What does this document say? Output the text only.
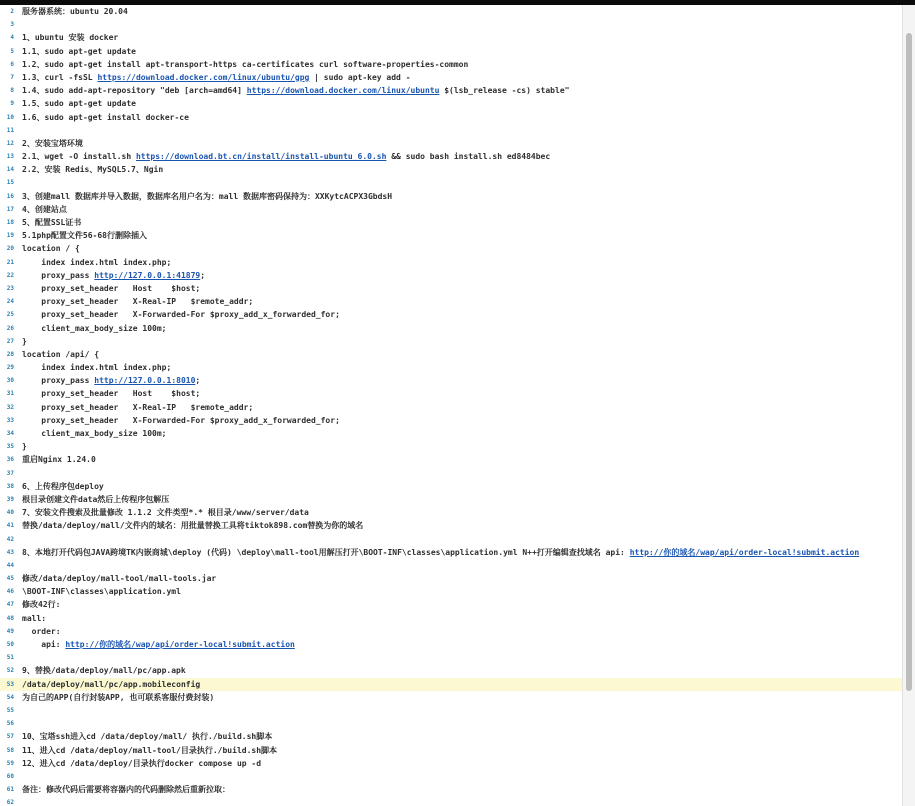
2 服务器系统：ubuntu 20.04
3
4 1、ubuntu 安装 docker
5 1.1、sudo apt-get update
6 1.2、sudo apt-get install apt-transport-https ca-certificates curl software-properties-common
7 1.3、curl -fsSL https://download.docker.com/linux/ubuntu/gpg | sudo apt-key add -
8 1.4、sudo add-apt-repository "deb [arch=amd64] https://download.docker.com/linux/ubuntu $(lsb_release -cs) stable"
9 1.5、sudo apt-get update
10 1.6、sudo apt-get install docker-ce
11
12 2、安装宝塔环境
13 2.1、wget -O install.sh https://download.bt.cn/install/install-ubuntu_6.0.sh && sudo bash install.sh ed8484bec
14 2.2、安装 Redis、MySQL5.7、Ngin
15
16 3、创建mall 数据库并导入数据，数据库名用户名为：mall 数据库密码保持为：XXKytcACPX3GbdsH
17 4、创建站点
18 5、配置SSL证书
19 5.1php配置文件56-68行删除插入
20 location / {
21 index index.html index.php;
22 proxy_pass http://127.0.0.1:41879;
23 proxy_set_header   Host    $host;
24 proxy_set_header   X-Real-IP   $remote_addr;
25 proxy_set_header   X-Forwarded-For $proxy_add_x_forwarded_for;
26 client_max_body_size 100m;
27 }
28 location /api/ {
29 index index.html index.php;
30 proxy_pass http://127.0.0.1:8010;
31 proxy_set_header   Host    $host;
32 proxy_set_header   X-Real-IP   $remote_addr;
33 proxy_set_header   X-Forwarded-For $proxy_add_x_forwarded_for;
34 client_max_body_size 100m;
35 }
36 重启Nginx 1.24.0
37
38 6、上传程序包deploy
39 根目录创建文件data然后上传程序包解压
40 7、安装文件搜索及批量修改 1.1.2 文件类型*.* 根目录/www/server/data
41 替换/data/deploy/mall/文件内的域名：用批量替换工具将tiktok898.com替换为你的域名
42
43 8、本地打开代码包JAVA跨境TK内嵌商城\deploy (代码) \deploy\mall-tool用解压打开\BOOT-INF\classes\application.yml N++打开编辑查找域名 api: http://你的域名/wap/api/order-local!submit.action
44
45 修改/data/deploy/mall-tool/mall-tools.jar
46 \BOOT-INF\classes\application.yml
47 修改42行:
48 mall:
49 order:
50 api: http://你的域名/wap/api/order-local!submit.action
51
52 9、替换/data/deploy/mall/pc/app.apk
53 /data/deploy/mall/pc/app.mobileconfig
54 为自己的APP(自行封装APP, 也可联系客服付费封装)
55
56
57 10、宝塔ssh进入cd /data/deploy/mall/ 执行./build.sh脚本
58 11、进入cd /data/deploy/mall-tool/目录执行./build.sh脚本
59 12、进入cd /data/deploy/目录执行docker compose up -d
60
61 备注：修改代码后需要将容器内的代码删除然后重新拉取：
62
